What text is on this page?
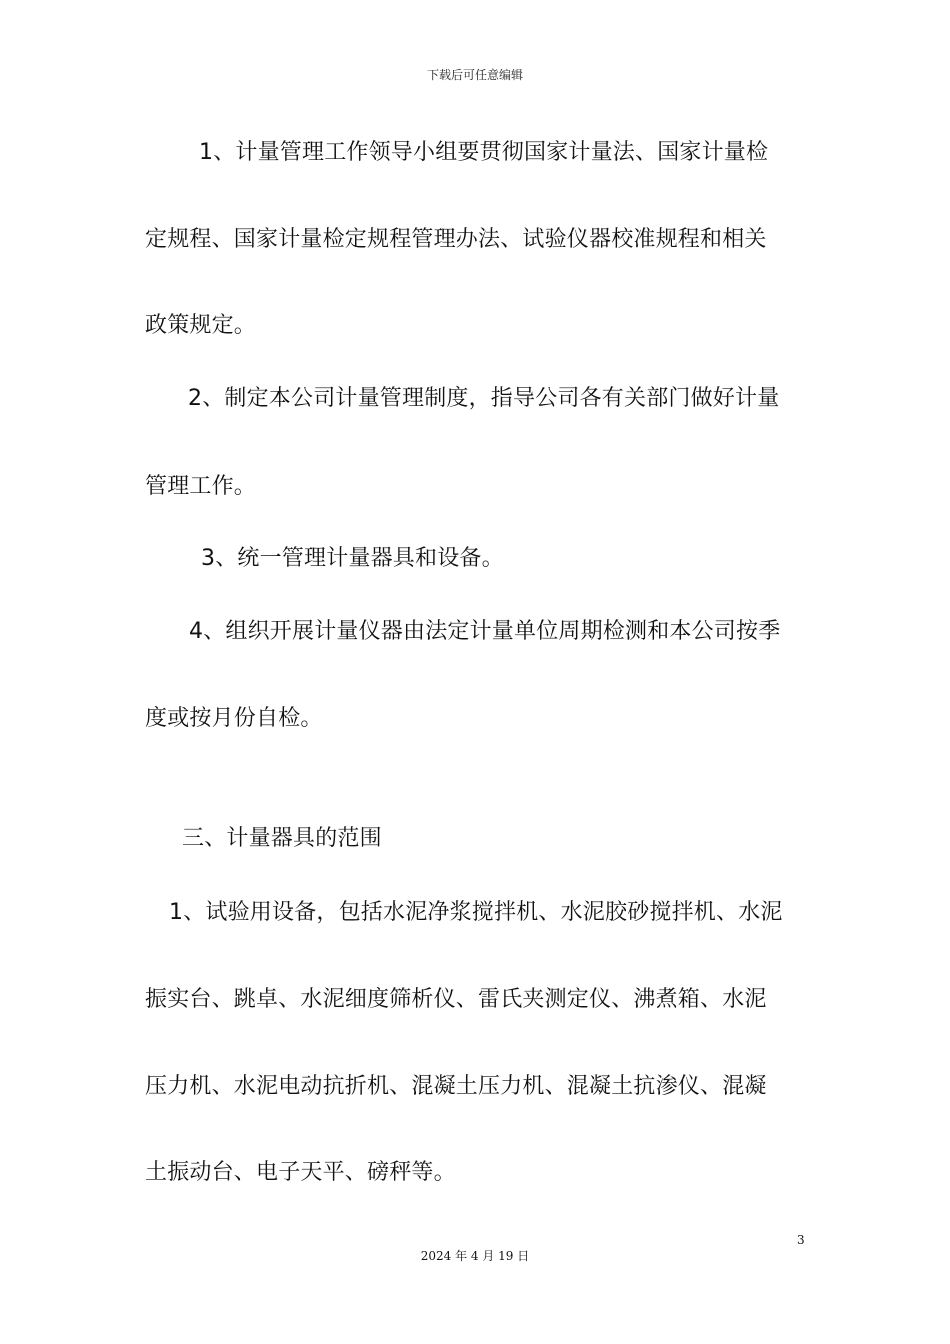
下载后可任意编辑
1、计量管理工作领导小组要贯彻国家计量法、国家计量检
定规程、国家计量检定规程管理办法、试验仪器校准规程和相关
政策规定。
2、制定本公司计量管理制度，指导公司各有关部门做好计量
管理工作。
3、统一管理计量器具和设备。
4、组织开展计量仪器由法定计量单位周期检测和本公司按季
度或按月份自检。
三、计量器具的范围
1、试验用设备，包括水泥净浆搅拌机、水泥胶砂搅拌机、水泥
振实台、跳卓、水泥细度筛析仪、雷氏夹测定仪、沸煮箱、水泥
压力机、水泥电动抗折机、混凝土压力机、混凝土抗渗仪、混凝
土振动台、电子天平、磅秤等。
3
2024 年 4 月 19 日
